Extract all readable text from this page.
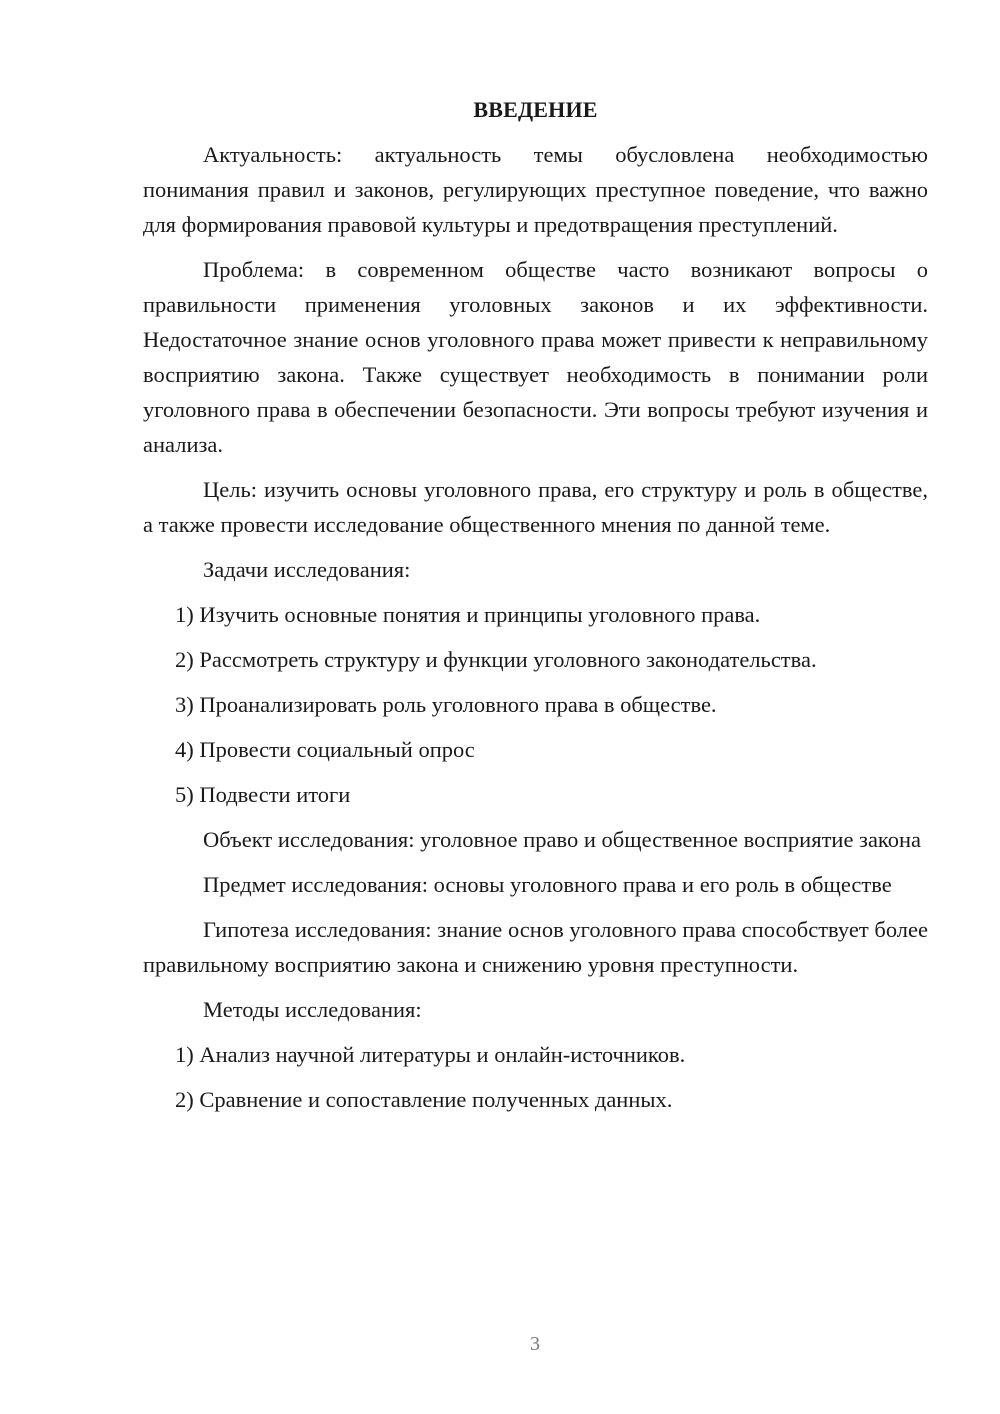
ВВЕДЕНИЕ

Актуальность: актуальность темы обусловлена необходимостью понимания правил и законов, регулирующих преступное поведение, что важно для формирования правовой культуры и предотвращения преступлений.

Проблема: в современном обществе часто возникают вопросы о правильности применения уголовных законов и их эффективности. Недостаточное знание основ уголовного права может привести к неправильному восприятию закона. Также существует необходимость в понимании роли уголовного права в обеспечении безопасности. Эти вопросы требуют изучения и анализа.

Цель: изучить основы уголовного права, его структуру и роль в обществе, а также провести исследование общественного мнения по данной теме.

Задачи исследования:

1) Изучить основные понятия и принципы уголовного права.

2) Рассмотреть структуру и функции уголовного законодательства.

3) Проанализировать роль уголовного права в обществе.

4) Провести социальный опрос

5) Подвести итоги

Объект исследования: уголовное право и общественное восприятие закона

Предмет исследования: основы уголовного права и его роль в обществе

Гипотеза исследования: знание основ уголовного права способствует более правильному восприятию закона и снижению уровня преступности.

Методы исследования:

1) Анализ научной литературы и онлайн-источников.

2) Сравнение и сопоставление полученных данных.

3
